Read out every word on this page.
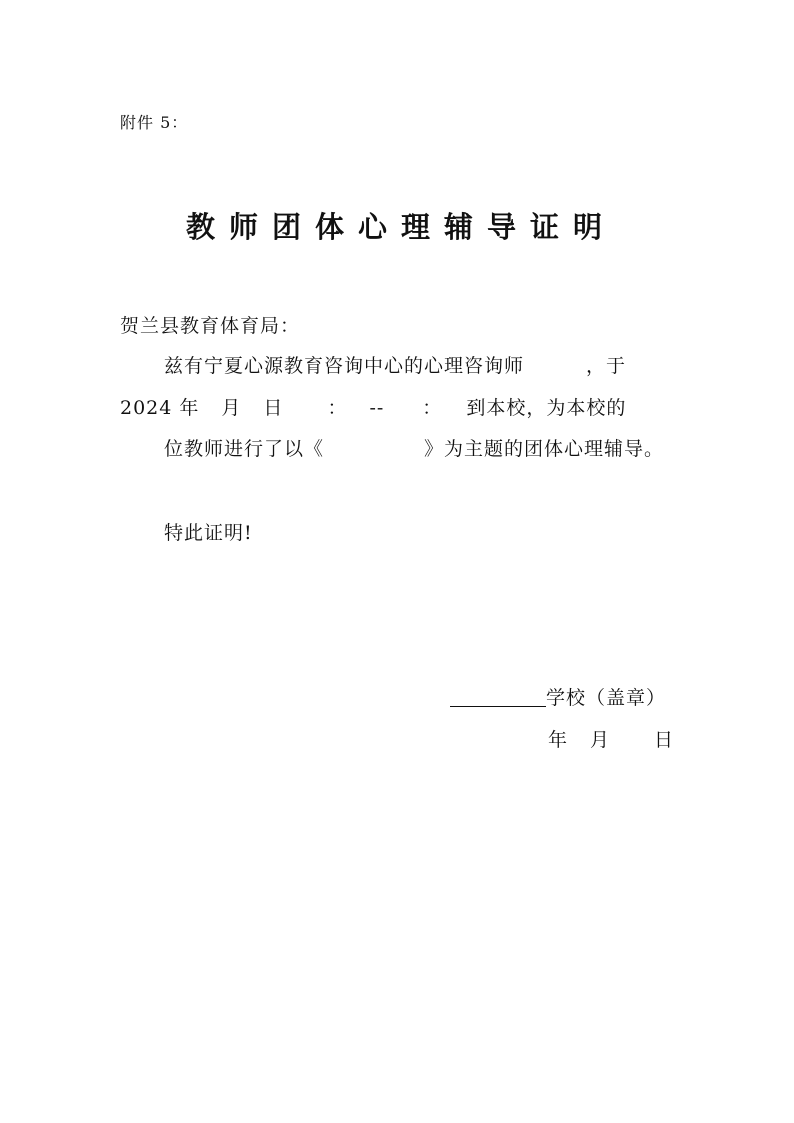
附件 5：
教师团体心理辅导证明
贺兰县教育体育局：
兹有宁夏心源教育咨询中心的心理咨询师	，于
2024 年 月 日 ： -- ： 到本校，为本校的
位教师进行了以《	》为主题的团体心理辅导。
特此证明!
学校（盖章）
年 月 日
